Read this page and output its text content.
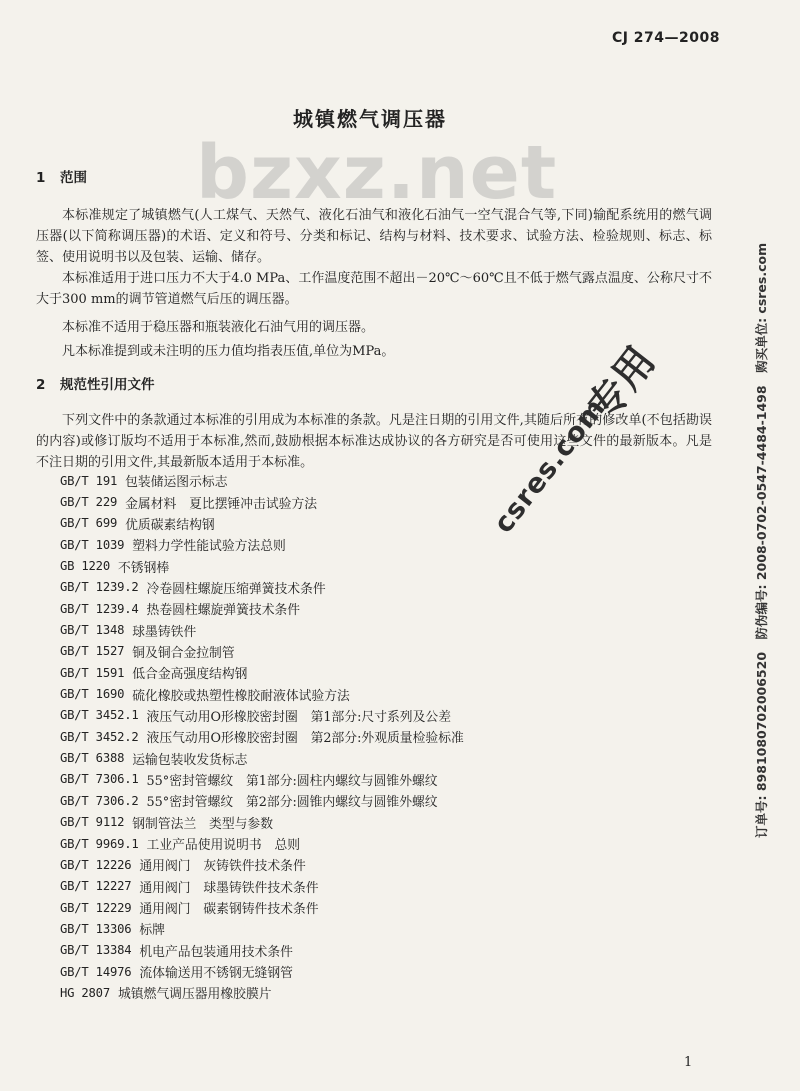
CJ 274—2008
城镇燃气调压器
bzxz.net
1 范围
本标准规定了城镇燃气(人工煤气、天然气、液化石油气和液化石油气一空气混合气等,下同)输配系统用的燃气调压器(以下简称调压器)的术语、定义和符号、分类和标记、结构与材料、技术要求、试验方法、检验规则、标志、标签、使用说明书以及包装、运输、储存。
本标准适用于进口压力不大于4.0 MPa、工作温度范围不超出－20℃～60℃且不低于燃气露点温度、公称尺寸不大于300 mm的调节管道燃气后压的调压器。
本标准不适用于稳压器和瓶装液化石油气用的调压器。
凡本标准提到或未注明的压力值均指表压值,单位为MPa。
2 规范性引用文件
下列文件中的条款通过本标准的引用成为本标准的条款。凡是注日期的引用文件,其随后所有的修改单(不包括勘误的内容)或修订版均不适用于本标准,然而,鼓励根据本标准达成协议的各方研究是否可使用这些文件的最新版本。凡是不注日期的引用文件,其最新版本适用于本标准。
GB/T 191 包装储运图示标志
GB/T 229 金属材料　夏比摆锤冲击试验方法
GB/T 699 优质碳素结构钢
GB/T 1039 塑料力学性能试验方法总则
GB 1220 不锈钢棒
GB/T 1239.2 冷卷圆柱螺旋压缩弹簧技术条件
GB/T 1239.4 热卷圆柱螺旋弹簧技术条件
GB/T 1348 球墨铸铁件
GB/T 1527 铜及铜合金拉制管
GB/T 1591 低合金高强度结构钢
GB/T 1690 硫化橡胶或热塑性橡胶耐液体试验方法
GB/T 3452.1 液压气动用O形橡胶密封圈　第1部分:尺寸系列及公差
GB/T 3452.2 液压气动用O形橡胶密封圈　第2部分:外观质量检验标准
GB/T 6388 运输包装收发货标志
GB/T 7306.1 55°密封管螺纹　第1部分:圆柱内螺纹与圆锥外螺纹
GB/T 7306.2 55°密封管螺纹　第2部分:圆锥内螺纹与圆锥外螺纹
GB/T 9112 钢制管法兰　类型与参数
GB/T 9969.1 工业产品使用说明书　总则
GB/T 12226 通用阀门　灰铸铁件技术条件
GB/T 12227 通用阀门　球墨铸铁件技术条件
GB/T 12229 通用阀门　碳素钢铸件技术条件
GB/T 13306 标牌
GB/T 13384 机电产品包装通用技术条件
GB/T 14976 流体输送用不锈钢无缝钢管
HG 2807 城镇燃气调压器用橡胶膜片
专用
csres.com	订单号: 898108070200652​0　防伪编号: 2008-0702-0547-4484-1498　购买单位: csres.com
1
